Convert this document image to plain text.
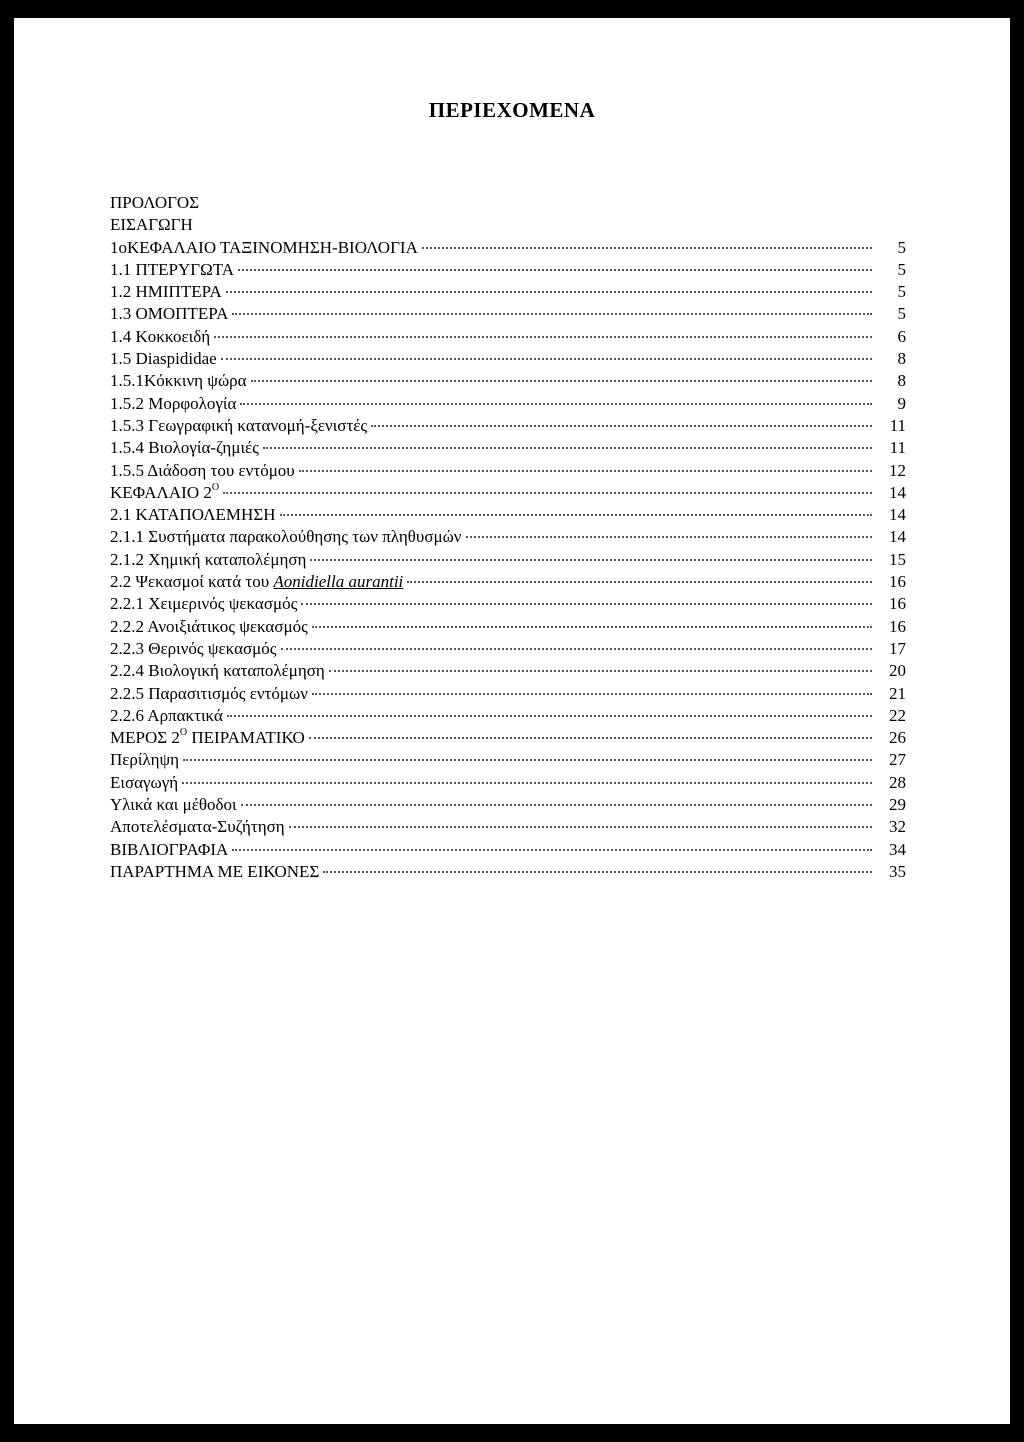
ΠΕΡΙΕΧΟΜΕΝΑ
ΠΡΟΛΟΓΟΣ
ΕΙΣΑΓΩΓΗ
1οΚΕΦΑΛΑΙΟ ΤΑΞΙΝΟΜΗΣΗ-ΒΙΟΛΟΓΙΑ	5
1.1 ΠΤΕΡΥΓΩΤΑ	5
1.2 ΗΜΙΠΤΕΡΑ	5
1.3 ΟΜΟΠΤΕΡΑ	5
1.4 Κοκκοειδή	6
1.5 Diaspididae	8
1.5.1Κόκκινη ψώρα	8
1.5.2 Μορφολογία	9
1.5.3 Γεωγραφική κατανομή-ξενιστές	11
1.5.4 Βιολογία-ζημιές	11
1.5.5 Διάδοση του εντόμου	12
ΚΕΦΑΛΑΙΟ $2^O$	14
2.1 ΚΑΤΑΠΟΛΕΜΗΣΗ	14
2.1.1 Συστήματα παρακολούθησης των πληθυσμών	14
2.1.2 Χημική καταπολέμηση	15
2.2 Ψεκασμοί κατά του Aonidiella aurantii	16
2.2.1 Χειμερινός ψεκασμός	16
2.2.2 Ανοιξιάτικος ψεκασμός	16
2.2.3 Θερινός ψεκασμός	17
2.2.4 Βιολογική καταπολέμηση	20
2.2.5 Παρασιτισμός εντόμων	21
2.2.6 Αρπακτικά	22
ΜΕΡΟΣ $2^O$ ΠΕΙΡΑΜΑΤΙΚΟ	26
Περίληψη	27
Εισαγωγή	28
Υλικά και μέθοδοι	29
Αποτελέσματα-Συζήτηση	32
ΒΙΒΛΙΟΓΡΑΦΙΑ	34
ΠΑΡΑΡΤΗΜΑ ΜΕ ΕΙΚΟΝΕΣ	35
